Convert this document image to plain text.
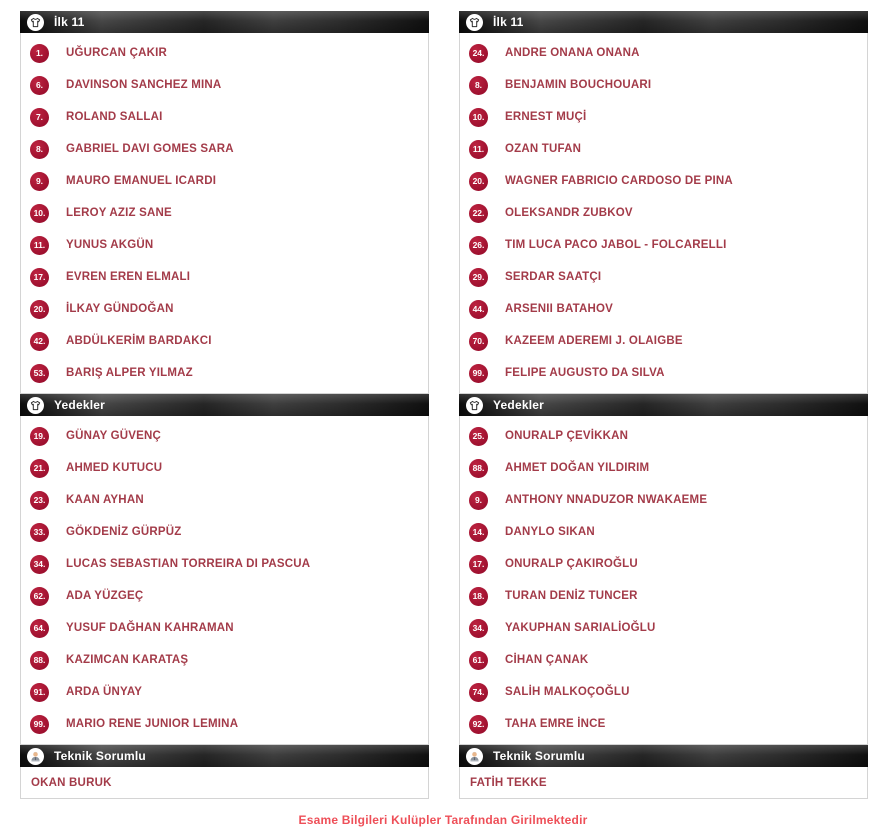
İlk 11
1.	UĞURCAN ÇAKIR
6.	DAVINSON SANCHEZ MINA
7.	ROLAND SALLAI
8.	GABRIEL DAVI GOMES SARA
9.	MAURO EMANUEL ICARDI
10.	LEROY AZIZ SANE
11.	YUNUS AKGÜN
17.	EVREN EREN ELMALI
20.	İLKAY GÜNDOĞAN
42.	ABDÜLKERİM BARDAKCI
53.	BARIŞ ALPER YILMAZ
Yedekler
19.	GÜNAY GÜVENÇ
21.	AHMED KUTUCU
23.	KAAN AYHAN
33.	GÖKDENİZ GÜRPÜZ
34.	LUCAS SEBASTIAN TORREIRA DI PASCUA
62.	ADA YÜZGEÇ
64.	YUSUF DAĞHAN KAHRAMAN
88.	KAZIMCAN KARATAŞ
91.	ARDA ÜNYAY
99.	MARIO RENE JUNIOR LEMINA
Teknik Sorumlu
OKAN BURUK
İlk 11
24.	ANDRE ONANA ONANA
8.	BENJAMIN BOUCHOUARI
10.	ERNEST MUÇİ
11.	OZAN TUFAN
20.	WAGNER FABRICIO CARDOSO DE PINA
22.	OLEKSANDR ZUBKOV
26.	TIM LUCA PACO JABOL - FOLCARELLI
29.	SERDAR SAATÇI
44.	ARSENII BATAHOV
70.	KAZEEM ADEREMI J. OLAIGBE
99.	FELIPE AUGUSTO DA SILVA
Yedekler
25.	ONURALP ÇEVİKKAN
88.	AHMET DOĞAN YILDIRIM
9.	ANTHONY NNADUZOR NWAKAEME
14.	DANYLO SIKAN
17.	ONURALP ÇAKIROĞLU
18.	TURAN DENİZ TUNCER
34.	YAKUPHAN SARIALİOĞLU
61.	CİHAN ÇANAK
74.	SALİH MALKOÇOĞLU
92.	TAHA EMRE İNCE
Teknik Sorumlu
FATİH TEKKE
Esame Bilgileri Kulüpler Tarafından Girilmektedir
